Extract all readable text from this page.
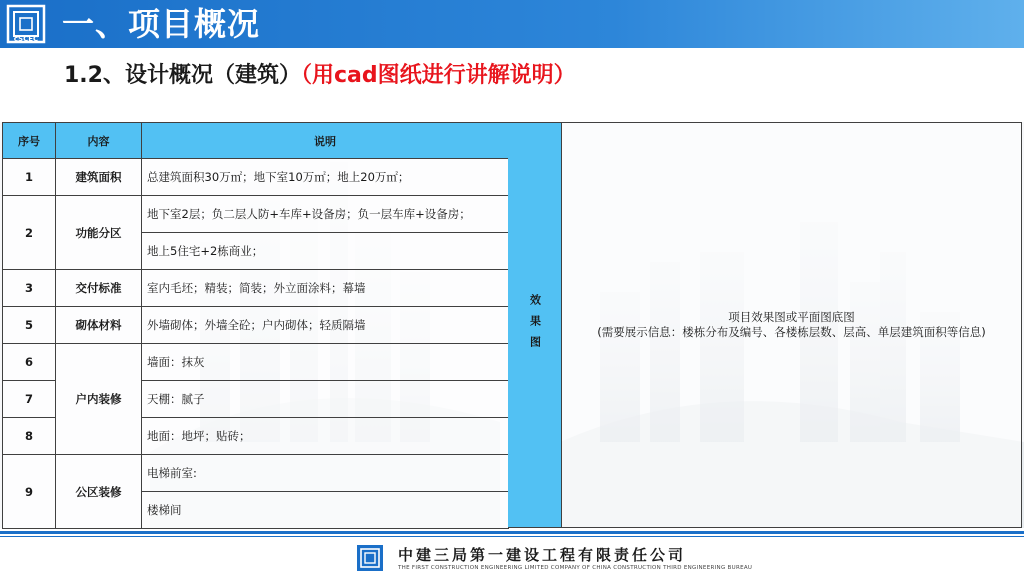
cSCEC 一、项目概况
1.2、设计概况（建筑）（用cad图纸进行讲解说明）
序号	内容	说明
1	建筑面积	总建筑面积30万㎡；地下室10万㎡；地上20万㎡；
2	功能分区	地下室2层；负二层人防+车库+设备房；负一层车库+设备房；
		地上5住宅+2栋商业；
3	交付标准	室内毛坯；精装；简装；外立面涂料；幕墙
5	砌体材料	外墙砌体；外墙全砼；户内砌体；轻质隔墙
6	户内装修	墙面：抹灰
7		天棚：腻子
8		地面：地坪；贴砖；
9	公区装修	电梯前室:
		楼梯间
效果图	项目效果图或平面图底图
(需要展示信息：楼栋分布及编号、各楼栋层数、层高、单层建筑面积等信息)
中建三局第一建设工程有限责任公司
THE FIRST CONSTRUCTION ENGINEERING LIMITED COMPANY OF CHINA CONSTRUCTION THIRD ENGINEERING BUREAU
